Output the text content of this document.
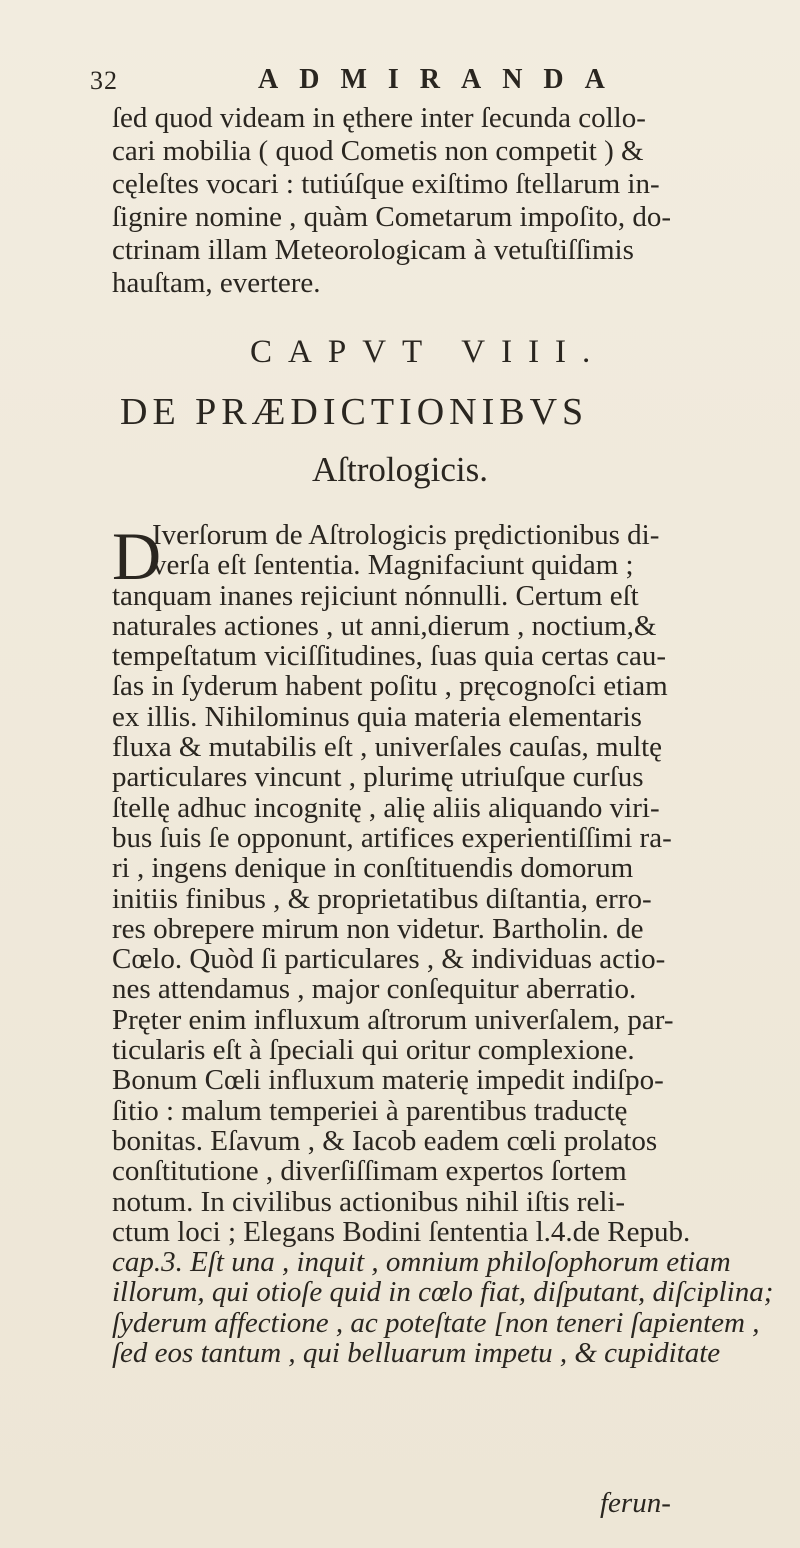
32	ADMIRANDA
ſed quod videam in ęthere inter ſecunda collo-
cari mobilia ( quod Cometis non competit ) &
cęleſtes vocari : tutiúſque exiſtimo ſtellarum in-
ſignire nomine , quàm Cometarum impoſito, do-
ctrinam illam Meteorologicam à vetuſtiſſimis
hauſtam, evertere.
CAPVT VIII.
DE PRÆDICTIONIBVS
Aſtrologicis.
D
Iverſorum de Aſtrologicis prędictionibus di-
verſa eſt ſententia. Magnifaciunt quidam ;
tanquam inanes rejiciunt nónnulli. Certum eſt
naturales actiones , ut anni,dierum , noctium,&
tempeſtatum viciſſitudines, ſuas quia certas cau-
ſas in ſyderum habent poſitu , pręcognoſci etiam
ex illis. Nihilominus quia materia elementaris
fluxa & mutabilis eſt , univerſales cauſas, multę
particulares vincunt , plurimę utriuſque curſus
ſtellę adhuc incognitę , alię aliis aliquando viri-
bus ſuis ſe opponunt, artifices experientiſſimi ra-
ri , ingens denique in conſtituendis domorum
initiis finibus , & proprietatibus diſtantia, erro-
res obrepere mirum non videtur. Bartholin. de
Cœlo. Quòd ſi particulares , & individuas actio-
nes attendamus , major conſequitur aberratio.
Pręter enim influxum aſtrorum univerſalem, par-
ticularis eſt à ſpeciali qui oritur complexione.
Bonum Cœli influxum materię impedit indiſpo-
ſitio : malum temperiei à parentibus traductę
bonitas. Eſavum , & Iacob eadem cœli prolatos
conſtitutione , diverſiſſimam expertos ſortem
notum. In civilibus actionibus nihil iſtis reli-
ctum loci ; Elegans Bodini ſententia l.4.de Repub.
cap.3. Eſt una , inquit , omnium philoſophorum etiam
illorum, qui otioſe quid in cœlo fiat, diſputant, diſciplina;
ſyderum affectione , ac poteſtate [non teneri ſapientem ,
ſed eos tantum , qui belluarum impetu , & cupiditate
ferun-
